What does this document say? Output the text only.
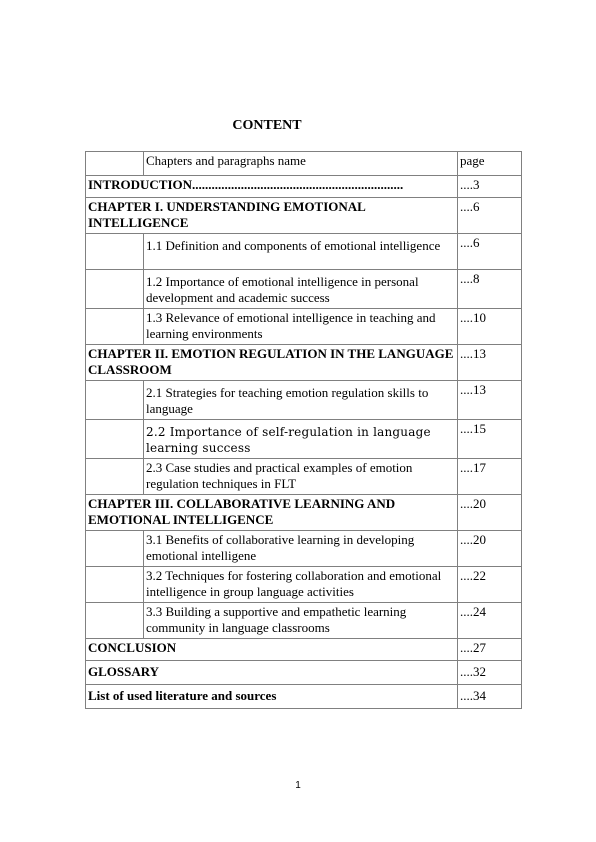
CONTENT
	Chapters and paragraphs name	page
INTRODUCTION.................................................................		....3
CHAPTER I. UNDERSTANDING EMOTIONAL INTELLIGENCE		....6
	1.1 Definition and components of emotional intelligence	....6
	1.2 Importance of emotional intelligence in personal development and academic success	....8
	1.3 Relevance of emotional intelligence in teaching and learning environments	....10
CHAPTER II. EMOTION REGULATION IN THE LANGUAGE CLASSROOM		....13
	2.1 Strategies for teaching emotion regulation skills to language	....13
	2.2 Importance of self-regulation in language learning success	....15
	2.3 Case studies and practical examples of emotion regulation techniques in FLT	....17
CHAPTER III. COLLABORATIVE LEARNING AND EMOTIONAL INTELLIGENCE		....20
	3.1 Benefits of collaborative learning in developing emotional intelligene	....20
	3.2 Techniques for fostering collaboration and emotional intelligence in group language activities	....22
	3.3 Building a supportive and empathetic learning community in language classrooms	....24
CONCLUSION		....27
GLOSSARY		....32
List of used literature and sources		....34
1
